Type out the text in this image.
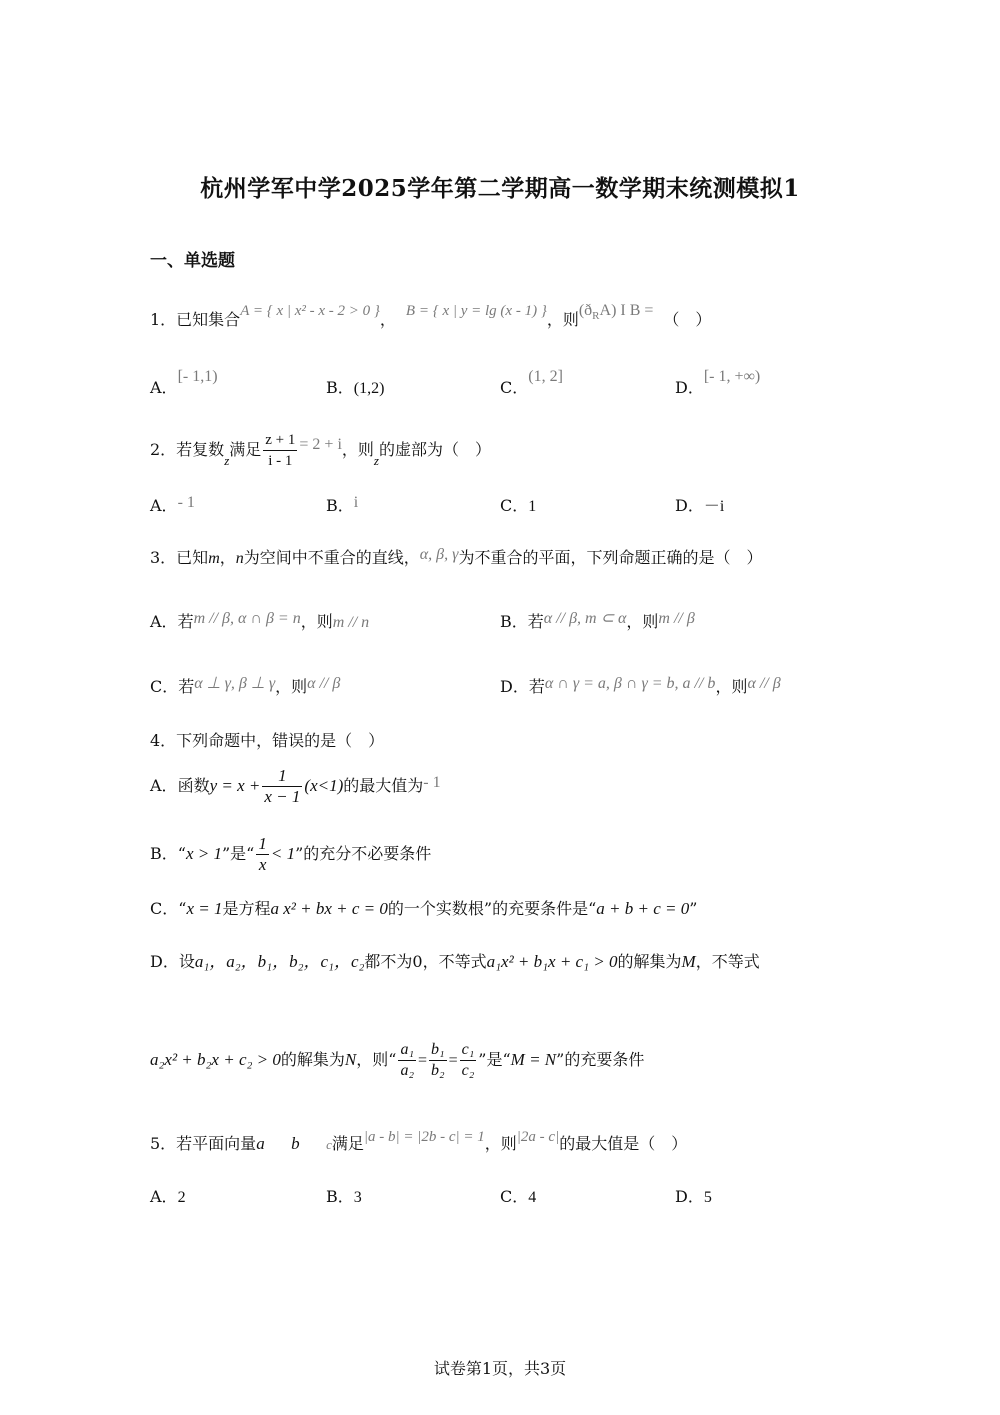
杭州学军中学2025学年第二学期高一数学期末统测模拟1
一、单选题
1．已知集合A = { x | x² - x - 2 > 0 }， B = { x | y = lg (x - 1) }，则$(ð_RA)$ I B = （　）
A．[- 1,1)
B．(1,2)	C．(1, 2]
D．[- 1, +∞)
2．若复数$_z$满足 $\frac{z + 1}{i - 1} = 2 + i$，则$_z$的虚部为（　）
A．- 1	B．i	C．1	D．－i
3．已知m，n为空间中不重合的直线，α, β, γ为不重合的平面，下列命题正确的是（　）
A．若m // β, α ∩ β = n，则m // n	B．若α // β, m ⊂ α，则m // β
C．若α ⊥ γ, β ⊥ γ，则α // β	D．若α ∩ γ = a, β ∩ γ = b, a // b，则α // β
4．下列命题中，错误的是（　）
A．函数$y = x + \frac{1}{x - 1} (x<1)$的最大值为- 1
B．“x > 1”是“ $\frac{1}{x} < 1$”的充分不必要条件
C．“x = 1是方程a x² + bx + c = 0的一个实数根”的充要条件是“a + b + c = 0”
D．设a₁，a₂，b₁，b₂，c₁，c₂都不为0，不等式a₁x² + b₁x + c₁ > 0的解集为M，不等式
a₂x² + b₂x + c₂ > 0的解集为N，则“ $\frac{\text{a₁}}{\text{a₂}} = \frac{\text{b₁}}{\text{b₂}} = \frac{\text{c₁}}{\text{c₂}}$ ”是“M = N”的充要条件
5．若平面向量a⃗，b⃗，c满足|a - b| = |2b - c| = 1，则|2a - c|的最大值是（　）
A．2	B．3	C．4	D．5
试卷第1页，共3页
